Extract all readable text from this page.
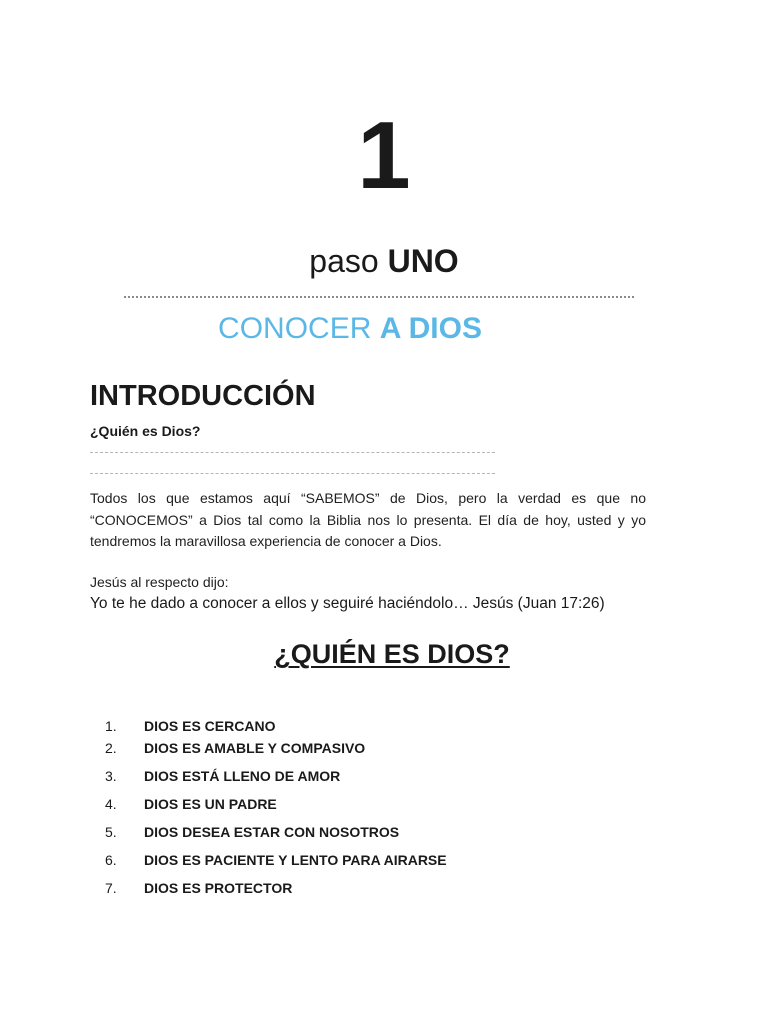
1
paso UNO
CONOCER A DIOS
INTRODUCCIÓN
¿Quién es Dios?
Todos los que estamos aquí “SABEMOS” de Dios, pero la verdad es que no “CONOCEMOS” a Dios tal como la Biblia nos lo presenta. El día de hoy, usted y yo tendremos la maravillosa experiencia de conocer a Dios.
Jesús al respecto dijo:
Yo te he dado a conocer a ellos y seguiré haciéndolo… Jesús (Juan 17:26)
¿QUIÉN ES DIOS?
1.	DIOS ES CERCANO
2.	DIOS ES AMABLE Y COMPASIVO
3.	DIOS ESTÁ LLENO DE AMOR
4.	DIOS ES UN PADRE
5.	DIOS DESEA ESTAR CON NOSOTROS
6.	DIOS ES PACIENTE Y LENTO PARA AIRARSE
7.	DIOS ES PROTECTOR
